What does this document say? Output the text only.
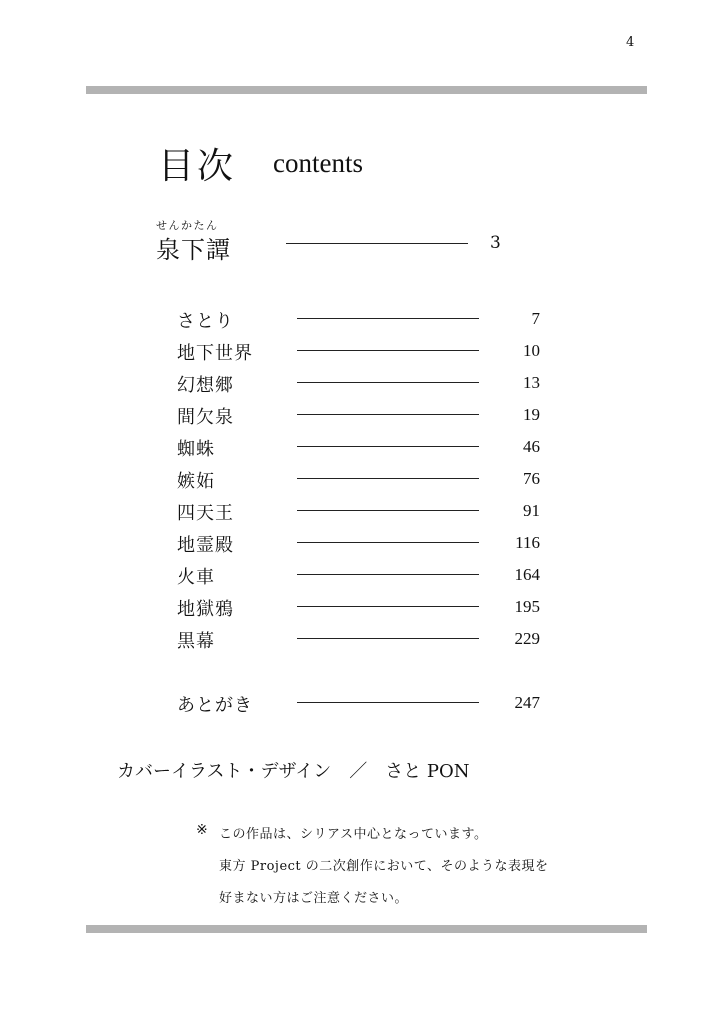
4
目次 contents
せんかたん
泉下譚	3
さとり	7
地下世界	10
幻想郷	13
間欠泉	19
蜘蛛	46
嫉妬	76
四天王	91
地霊殿	116
火車	164
地獄鴉	195
黒幕	229
あとがき	247
カバーイラスト・デザイン　／　さと PON
※ この作品は、シリアス中心となっています。
東方 Project の二次創作において、そのような表現を
好まない方はご注意ください。
